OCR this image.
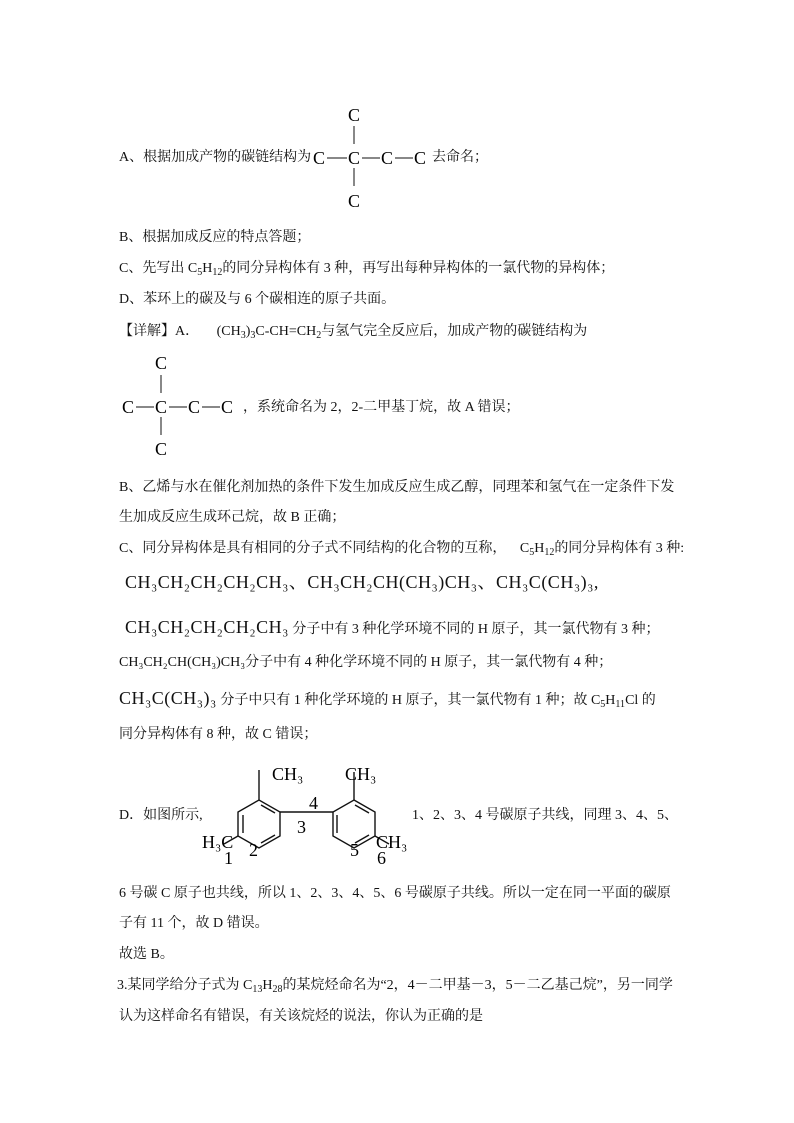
A、根据加成产物的碳链结构为
C
C C C C
C
去命名；
B、根据加成反应的特点答题；
C、先写出 $C_5H_{12}$的同分异构体有 3 种，再写出每种异构体的一氯代物的异构体；
D、苯环上的碳及与 6 个碳相连的原子共面。
【详解】A． $(CH_3)_3C-CH=CH_2$与氢气完全反应后，加成产物的碳链结构为
C
C C C C
C
，系统命名为 2，2-二甲基丁烷，故 A 错误；
B、乙烯与水在催化剂加热的条件下发生加成反应生成乙醇，同理苯和氢气在一定条件下发
生加成反应生成环己烷，故 B 正确；
C、同分异构体是具有相同的分子式不同结构的化合物的互称， $C_5H_{12}$的同分异构体有 3 种:
CH₃CH₂CH₂CH₂CH₃、CH₃CH₂CH(CH₃)CH₃、CH₃C(CH₃)₃,
CH₃CH₂CH₂CH₂CH₃ 分子中有 3 种化学环境不同的 H 原子，其一氯代物有 3 种；
CH₃CH₂CH(CH₃)CH₃分子中有 4 种化学环境不同的 H 原子，其一氯代物有 4 种；
CH₃C(CH₃)₃ 分子中只有 1 种化学环境的 H 原子，其一氯代物有 1 种；故 $C_5H_{11}Cl$ 的
同分异构体有 8 种，故 C 错误；
D．如图所示,
CH₃ CH₃
H₃C	CH₃
1 2
3
4
5 6
1、2、3、4 号碳原子共线，同理 3、4、5、
6 号碳 C 原子也共线，所以 1、2、3、4、5、6 号碳原子共线。所以一定在同一平面的碳原
子有 11 个，故 D 错误。
故选 B。
3.某同学给分子式为 $C_{13}H_{28}$的某烷烃命名为“2，4－二甲基－3，5－二乙基己烷”，另一同学
认为这样命名有错误，有关该烷烃的说法，你认为正确的是
